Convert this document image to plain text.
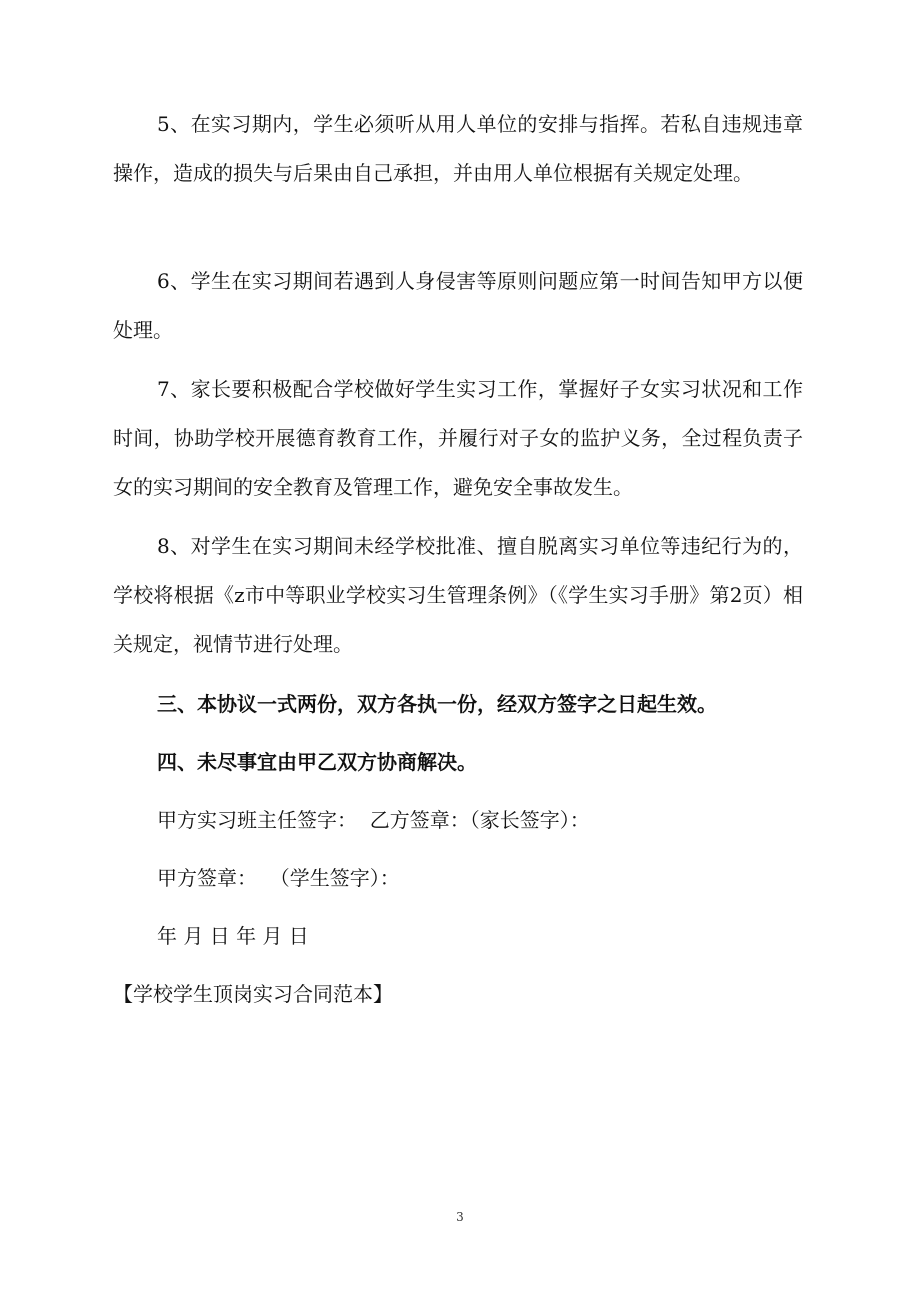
5、在实习期内，学生必须听从用人单位的安排与指挥。若私自违规违章操作，造成的损失与后果由自己承担，并由用人单位根据有关规定处理。

6、学生在实习期间若遇到人身侵害等原则问题应第一时间告知甲方以便处理。

7、家长要积极配合学校做好学生实习工作，掌握好子女实习状况和工作时间，协助学校开展德育教育工作，并履行对子女的监护义务，全过程负责子女的实习期间的安全教育及管理工作，避免安全事故发生。

8、对学生在实习期间未经学校批准、擅自脱离实习单位等违纪行为的，学校将根据《z市中等职业学校实习生管理条例》（《学生实习手册》第2页）相关规定，视情节进行处理。

三、本协议一式两份，双方各执一份，经双方签字之日起生效。

四、未尽事宜由甲乙双方协商解决。

甲方实习班主任签字：  乙方签章：（家长签字）：
甲方签章：  （学生签字）：
年 月 日 年 月 日
【学校学生顶岗实习合同范本】
3
